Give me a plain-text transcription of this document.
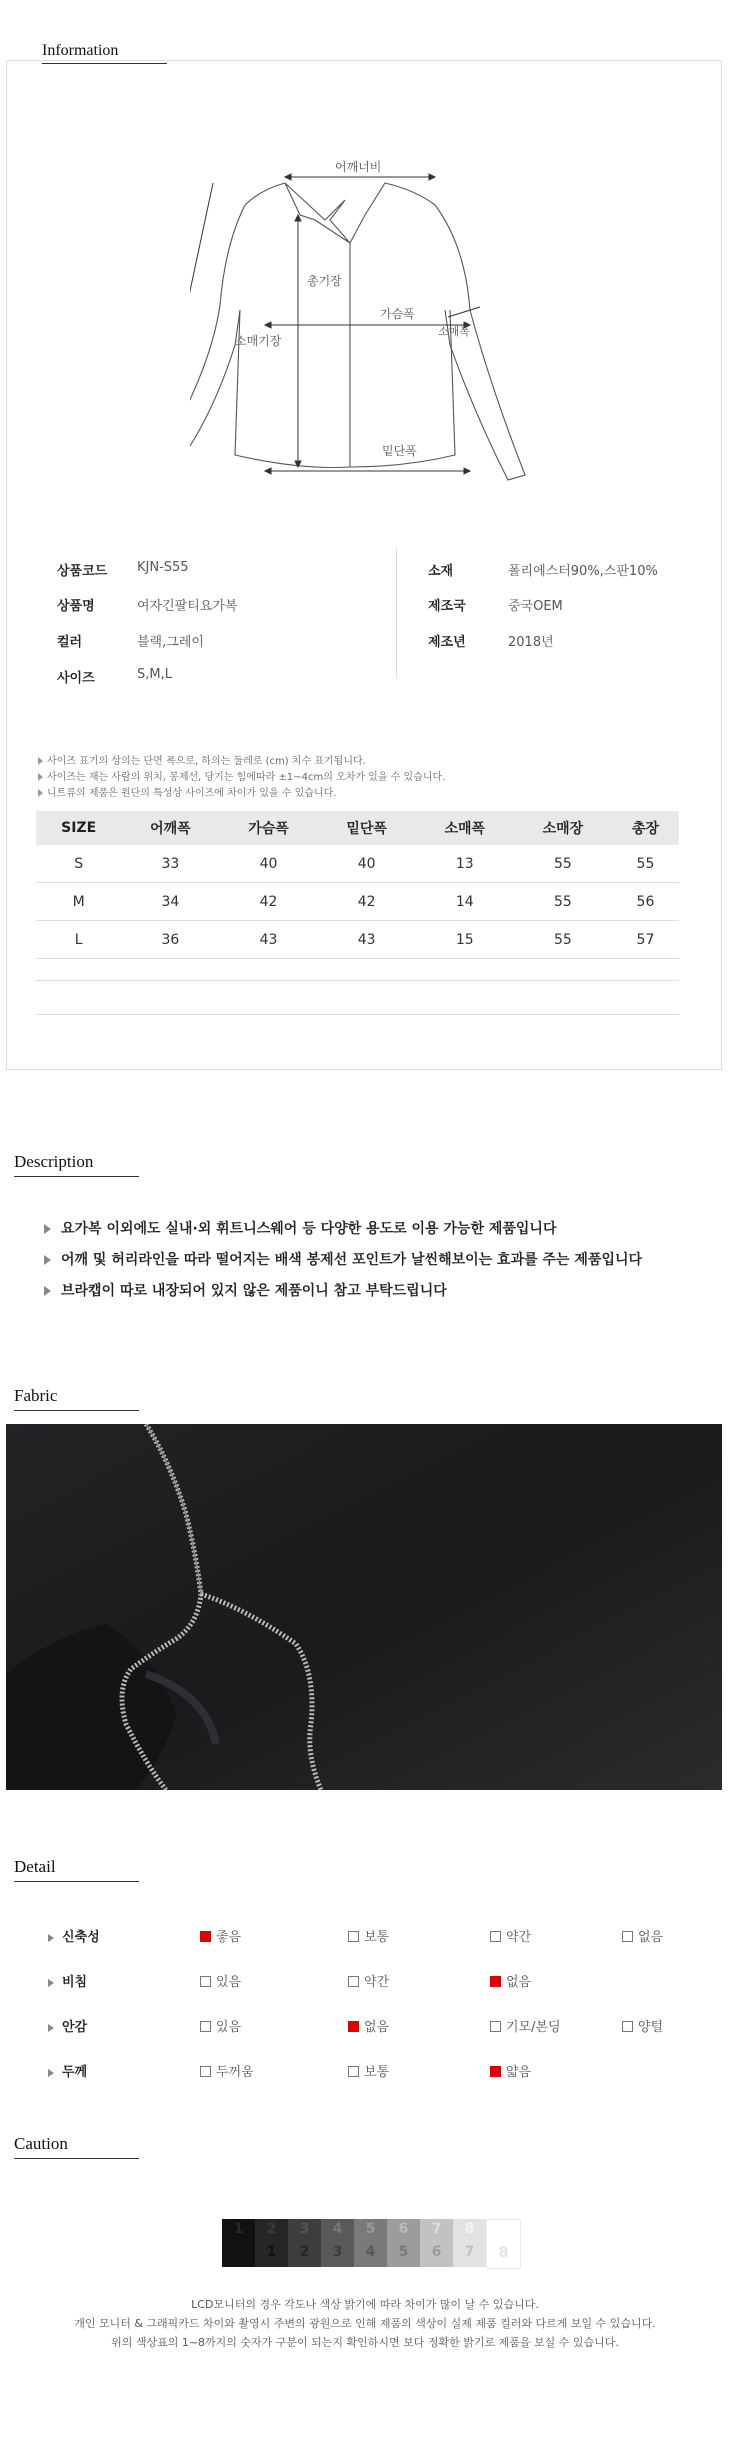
Information
어깨너비
총기장
가슴폭
소매폭
소매기장
밑단폭
상품코드	KJN-S55
상품명	여자긴팔티요가복
컬러	블랙,그레이
사이즈	S,M,L
소재	폴리에스터90%,스판10%
제조국	중국OEM
제조년	2018년
사이즈 표기의 상의는 단면 폭으로, 하의는 둘레로 (cm) 치수 표기됩니다.
사이즈는 재는 사람의 위치, 봉제선, 당기는 힘에따라 ±1~4cm의 오차가 있을 수 있습니다.
니트류의 제품은 원단의 특성상 사이즈에 차이가 있을 수 있습니다.
SIZE	어깨폭	가슴폭	밑단폭	소매폭	소매장	총장
S	33	40	40	13	55	55
M	34	42	42	14	55	56
L	36	43	43	15	55	57
Description
요가복 이외에도 실내·외 휘트니스웨어 등 다양한 용도로 이용 가능한 제품입니다
어깨 및 허리라인을 따라 떨어지는 배색 봉제선 포인트가 날씬해보이는 효과를 주는 제품입니다
브라캡이 따로 내장되어 있지 않은 제품이니 참고 부탁드립니다
Fabric
Detail
신축성	좋음	보통	약간	없음
비침	있음	약간	없음
안감	있음	없음	기모/본딩	양털
두께	두꺼움	보통	얇음
Caution
1	2
1
3
2
4
3
5
4
6
5
7
6
8
7	8
LCD모니터의 경우 각도나 색상 밝기에 따라 차이가 많이 날 수 있습니다.
개인 모니터 & 그래픽카드 차이와 촬영시 주변의 광원으로 인해 제품의 색상이 실제 제품 컬러와 다르게 보일 수 있습니다.
위의 색상표의 1~8까지의 숫자가 구분이 되는지 확인하시면 보다 정확한 밝기로 제품을 보실 수 있습니다.
